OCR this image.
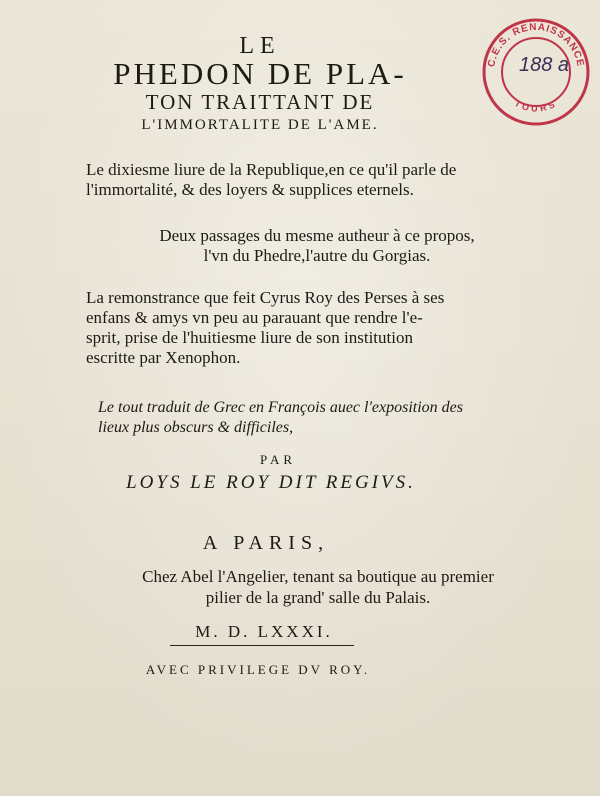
LE
PHEDON DE PLA-
TON TRAITTANT DE
L'IMMORTALITE DE L'AME.

Le dixiesme liure de la Republique,en ce qu'il parle de
l'immortalité, & des loyers & supplices eternels.

Deux passages du mesme autheur à ce propos,
l'vn du Phedre,l'autre du Gorgias.

La remonstrance que feit Cyrus Roy des Perses à ses
enfans & amys vn peu au parauant que rendre l'e-
sprit, prise de l'huitiesme liure de son institution
escritte par Xenophon.

Le tout traduit de Grec en François auec l'exposition des
lieux plus obscurs & difficiles,

PAR
LOYS LE ROY DIT REGIVS.
A PARIS,

Chez Abel l'Angelier, tenant sa boutique au premier
pilier de la grand' salle du Palais.

M. D. LXXXI.
AVEC PRIVILEGE DV ROY.
C.E.S. RENAISSANCE
TOURS
188 a
